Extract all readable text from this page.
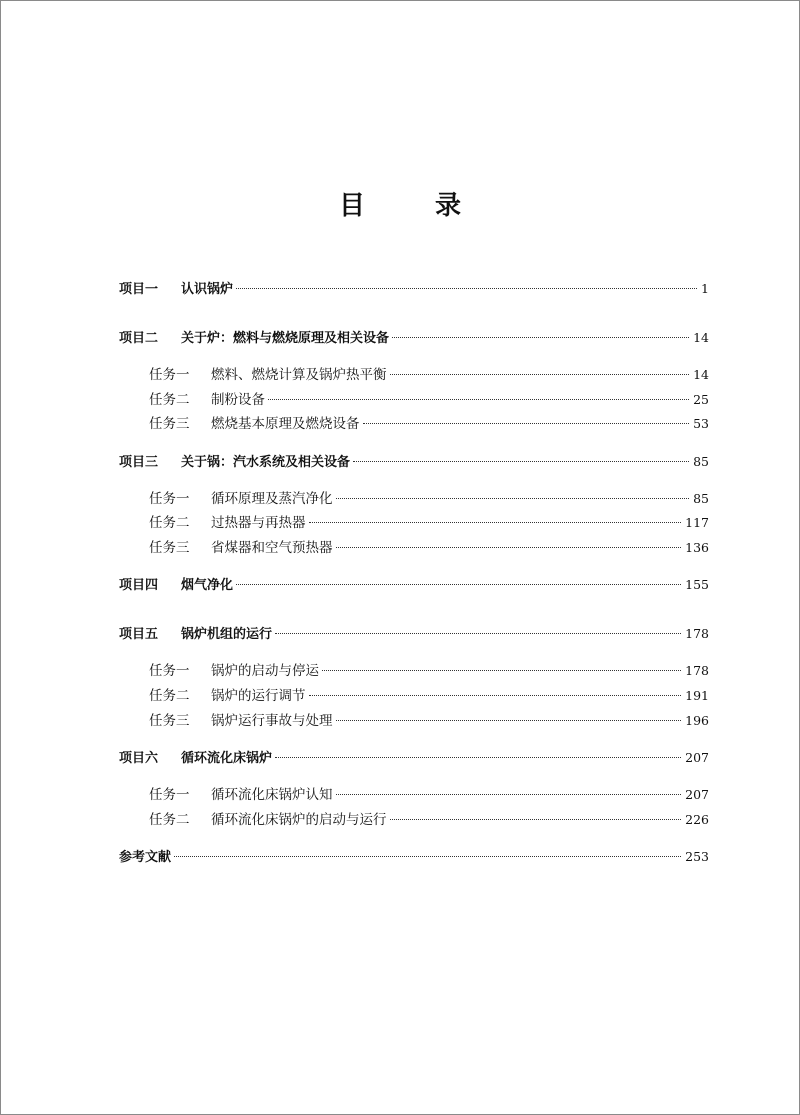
目　录
项目一	认识锅炉	1
项目二	关于炉：燃料与燃烧原理及相关设备	14
任务一	燃料、燃烧计算及锅炉热平衡	14
任务二	制粉设备	25
任务三	燃烧基本原理及燃烧设备	53
项目三	关于锅：汽水系统及相关设备	85
任务一	循环原理及蒸汽净化	85
任务二	过热器与再热器	117
任务三	省煤器和空气预热器	136
项目四	烟气净化	155
项目五	锅炉机组的运行	178
任务一	锅炉的启动与停运	178
任务二	锅炉的运行调节	191
任务三	锅炉运行事故与处理	196
项目六	循环流化床锅炉	207
任务一	循环流化床锅炉认知	207
任务二	循环流化床锅炉的启动与运行	226
参考文献	253
